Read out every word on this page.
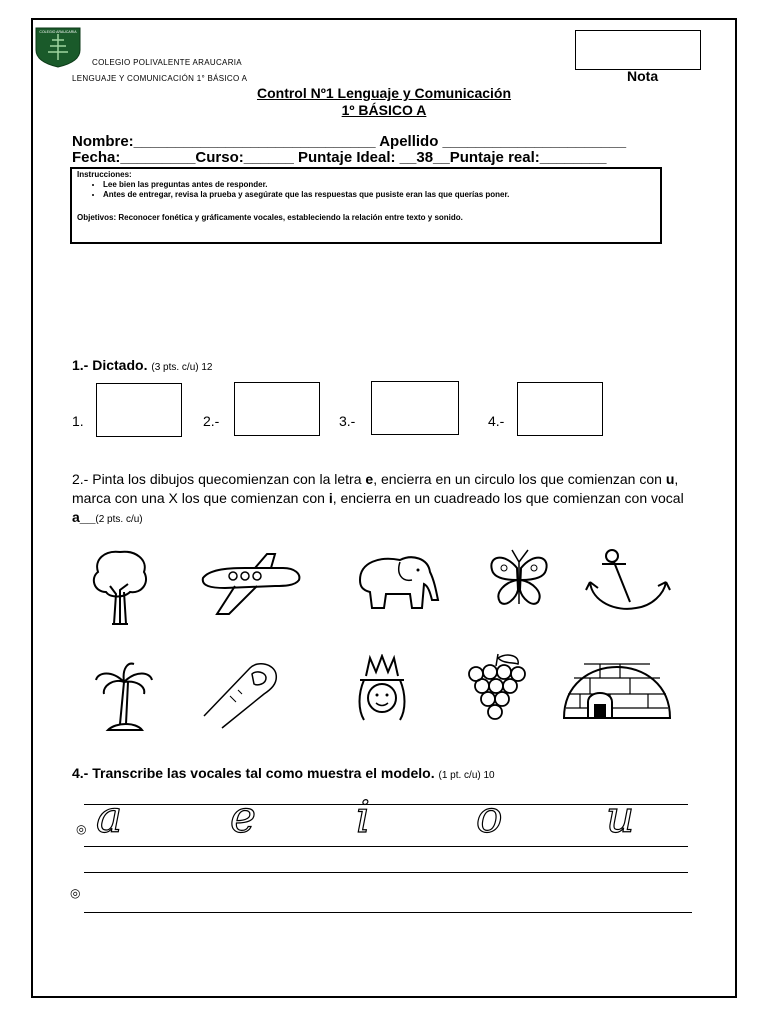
COLEGIO ARAUCARIA
COLEGIO POLIVALENTE ARAUCARIA
LENGUAJE Y COMUNICACIÓN 1° BÁSICO A	Nota
Control Nº1 Lenguaje y Comunicación
1º BÁSICO A
Nombre:_____________________________ Apellido ______________________
Fecha:_________Curso:______ Puntaje Ideal: __38__Puntaje real:________
Instrucciones:
• Lee bien las preguntas antes de responder.
• Antes de entregar, revisa la prueba y asegúrate que las respuestas que pusiste eran las que querías poner.
Objetivos: Reconocer fonética y gráficamente vocales, estableciendo la relación entre texto y sonido.
1.- Dictado. (3 pts. c/u) 12
1.	2.-	3.-	4.-
2.- Pinta los dibujos quecomienzan con la letra e, encierra en un circulo los que comienzan con u, marca con una X los que comienzan con i, encierra en un cuadreado los que comienzan con vocal a__(2 pts. c/u)
4.- Transcribe las vocales tal como muestra el modelo. (1 pt. c/u) 10
◎
◎
a e i o u
